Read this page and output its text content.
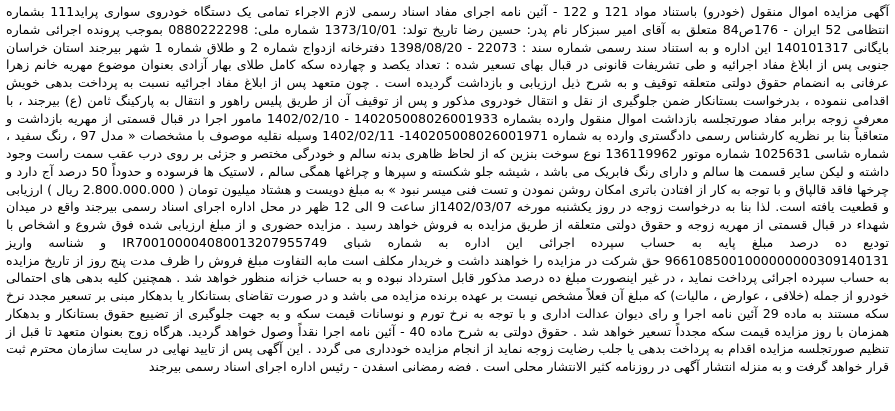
آگهی مزایده اموال منقول (خودرو) باستناد مواد 121 و 122 - آئین نامه اجرای مفاد اسناد رسمی لازم الاجراء تمامی یک دستگاه خودروی سواری پراید111 بشماره انتظامی 52 ایران - 176ص84 متعلق به آقای امیر سبزکار نام پدر: حسین رضا تاریخ تولد: 1373/10/01 شماره ملی: 0880222298 بموجب پرونده اجرائی شماره بایگانی 140101317 این اداره و به استناد سند رسمی شماره سند : 22073 - 1398/08/20 دفترخانه ازدواج شماره 2 و طلاق شماره 1 شهر بیرجند استان خراسان جنوبی پس از ابلاغ مفاد اجرائیه و طی تشریفات قانونی در قبال بهای تسعیر شده : تعداد یکصد و چهارده سکه کامل طلای بهار آزادی بعنوان موضوع مهریه خانم زهرا عرفانی به انضمام حقوق دولتی متعلقه توقیف و به شرح ذیل ارزیابی و بازداشت گردیده است . چون متعهد پس از ابلاغ مفاد اجرائیه نسبت به پرداخت بدهی خویش اقدامی ننموده ، بدرخواست بستانکار ضمن جلوگیری از نقل و انتقال خودروی مذکور و پس از توقیف آن از طریق پلیس راهور و انتقال به پارکینگ ثامن (ع) بیرجند ، با معرفی زوجه برابر مفاد صورتجلسه بازداشت اموال منقول وارده بشماره 140205008026001933 - 1402/02/10 مامور اجرا در قبال قسمتی از مهریه بازداشت و متعاقباً بنا بر نظریه کارشناس رسمی دادگستری وارده به شماره 140205008026001971- 1402/02/11 وسیله نقلیه موصوف با مشخصات « مدل 97 ، رنگ سفید ، شماره شاسی 1025631 شماره موتور 136119962 نوع سوخت بنزین که از لحاظ ظاهری بدنه سالم و خودرگی مختصر و جزئی بر روی درب عقب سمت راست وجود داشته و لیکن سایر قسمت ها سالم و دارای رنگ فابریک می باشد ، شیشه جلو شکسته و سپرها و چراغها همگی سالم ، لاستیک ها فرسوده و حدوداً 50 درصد آج دارد و چرخها فاقد قالپاق و با توجه به کار از افتادن باتری امکان روشن نمودن و تست فنی میسر نبود » به مبلغ دویست و هشتاد میلیون تومان ( 2.800.000.000 ریال ) ارزیابی و قطعیت یافته است. لذا بنا به درخواست زوجه در روز یکشنبه مورخه 1402/03/07از ساعت 9 الی 12 ظهر در محل اداره اجرای اسناد رسمی بیرجند واقع در میدان شهداء در قبال قسمتی از مهریه زوجه و حقوق دولتی متعلقه از طریق مزایده به فروش خواهد رسید . مزایده حضوری و از مبلغ ارزیابی شده فوق شروع و اشخاص با تودیع ده درصد مبلغ پایه به حساب سپرده اجرائی این اداره به شماره شبای IR700100004080013207955749 و شناسه واریز 9661085001000000000309140131 حق شرکت در مزایده را خواهند داشت و خریدار مکلف است مابه التفاوت مبلغ فروش را ظرف مدت پنج روز از تاریخ مزایده به حساب سپرده اجرائی پرداخت نماید ، در غیر اینصورت مبلغ ده درصد مذکور قابل استرداد نبوده و به حساب خزانه منظور خواهد شد . همچنین کلیه بدهی های احتمالی خودرو از جمله (خلافی ، عوارض ، مالیات) که مبلغ آن فعلاً مشخص نیست بر عهده برنده مزایده می باشد و در صورت تقاضای بستانکار یا بدهکار مبنی بر تسعیر مجدد نرخ سکه مستند به ماده 29 آئین نامه اجرا و رای دیوان عدالت اداری و با توجه به نرخ تورم و نوسانات قیمت سکه و به جهت جلوگیری از تضییع حقوق بستانکار و بدهکار همزمان با روز مزایده قیمت سکه مجدداً تسعیر خواهد شد . حقوق دولتی به شرح ماده 40 - آئین نامه اجرا نقداً وصول خواهد گردید. هرگاه زوج بعنوان متعهد تا قبل از تنظیم صورتجلسه مزایده اقدام به پرداخت بدهی یا جلب رضایت زوجه نماید از انجام مزایده خودداری می گردد . این آگهی پس از تایید نهایی در سایت سازمان محترم ثبت قرار خواهد گرفت و به منزله انتشار آگهی در روزنامه کثیر الانتشار محلی است . فضه رمضانی اسفدن - رئیس اداره اجرای اسناد رسمی بیرجند
